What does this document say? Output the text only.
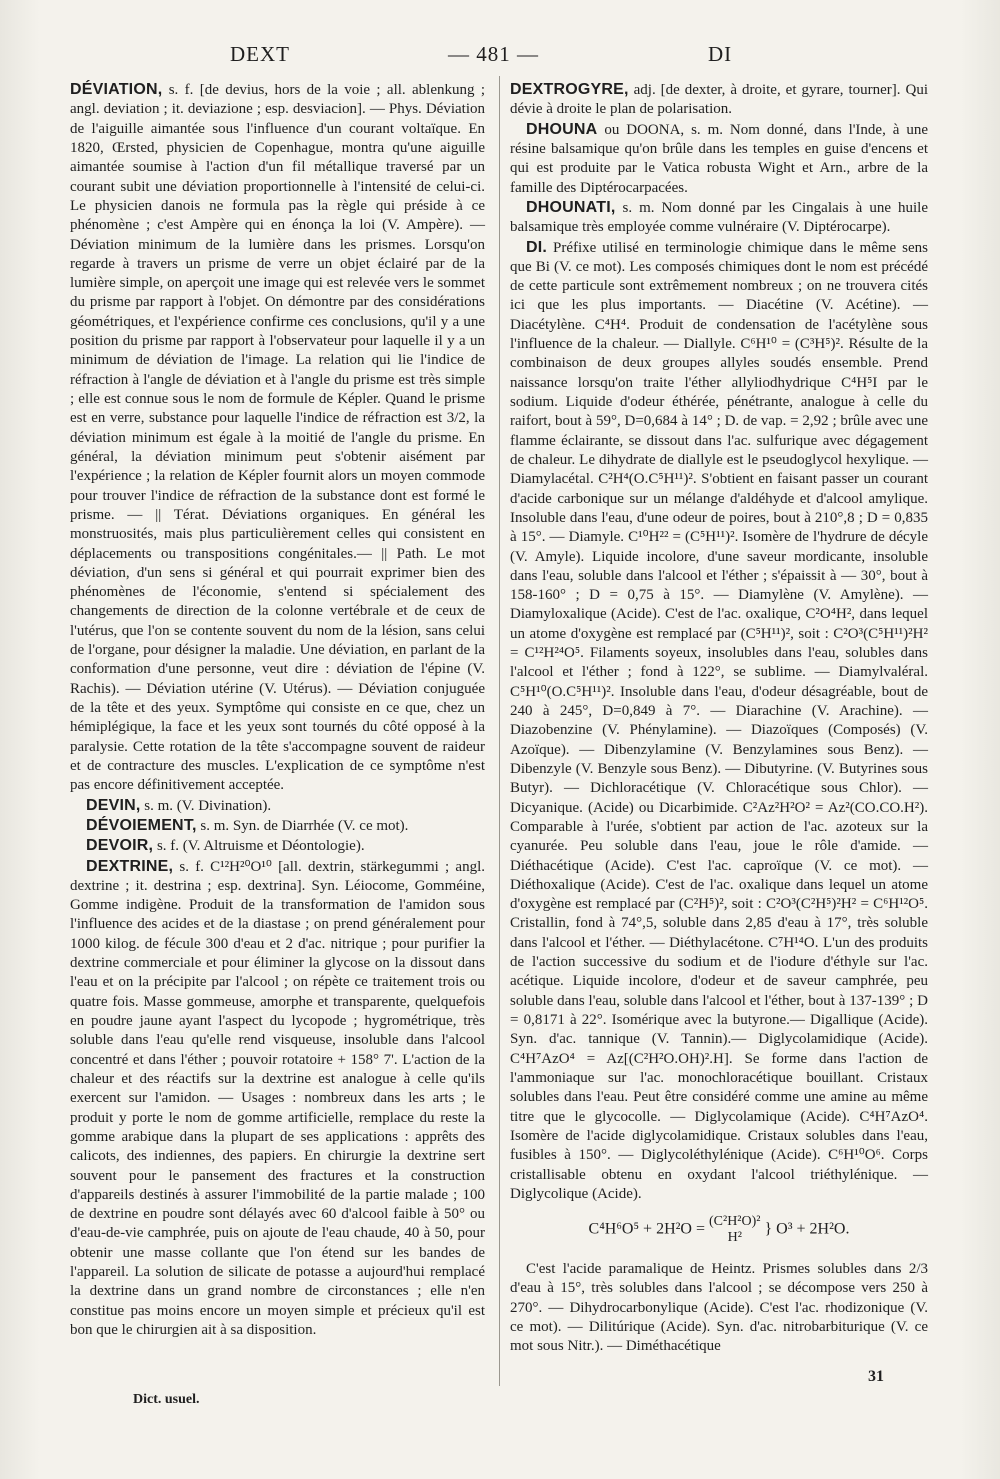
DEXT	— 481 —	DI

DÉVIATION, s. f. [de devius, hors de la voie ; all. ablenkung ; angl. deviation ; it. deviazione ; esp. desviacion]. — Phys. Déviation de l'aiguille aimantée sous l'influence d'un courant voltaïque. En 1820, Œrsted, physicien de Copenhague, montra qu'une aiguille aimantée soumise à l'action d'un fil métallique traversé par un courant subit une déviation proportionnelle à l'intensité de celui-ci. Le physicien danois ne formula pas la règle qui préside à ce phénomène ; c'est Ampère qui en énonça la loi (V. Ampère). — Déviation minimum de la lumière dans les prismes. Lorsqu'on regarde à travers un prisme de verre un objet éclairé par de la lumière simple, on aperçoit une image qui est relevée vers le sommet du prisme par rapport à l'objet. On démontre par des considérations géométriques, et l'expérience confirme ces conclusions, qu'il y a une position du prisme par rapport à l'observateur pour laquelle il y a un minimum de déviation de l'image. La relation qui lie l'indice de réfraction à l'angle de déviation et à l'angle du prisme est très simple ; elle est connue sous le nom de formule de Képler. Quand le prisme est en verre, substance pour laquelle l'indice de réfraction est 3/2, la déviation minimum est égale à la moitié de l'angle du prisme. En général, la déviation minimum peut s'obtenir aisément par l'expérience ; la relation de Képler fournit alors un moyen commode pour trouver l'indice de réfraction de la substance dont est formé le prisme. — || Térat. Déviations organiques. En général les monstruosités, mais plus particulièrement celles qui consistent en déplacements ou transpositions congénitales.— || Path. Le mot déviation, d'un sens si général et qui pourrait exprimer bien des phénomènes de l'économie, s'entend si spécialement des changements de direction de la colonne vertébrale et de ceux de l'utérus, que l'on se contente souvent du nom de la lésion, sans celui de l'organe, pour désigner la maladie. Une déviation, en parlant de la conformation d'une personne, veut dire : déviation de l'épine (V. Rachis). — Déviation utérine (V. Utérus). — Déviation conjuguée de la tête et des yeux. Symptôme qui consiste en ce que, chez un hémiplégique, la face et les yeux sont tournés du côté opposé à la paralysie. Cette rotation de la tête s'accompagne souvent de raideur et de contracture des muscles. L'explication de ce symptôme n'est pas encore définitivement acceptée.

DEVIN, s. m. (V. Divination).

DÉVOIEMENT, s. m. Syn. de Diarrhée (V. ce mot).

DEVOIR, s. f. (V. Altruisme et Déontologie).

DEXTRINE, s. f. C¹²H²⁰O¹⁰ [all. dextrin, stärkegummi ; angl. dextrine ; it. destrina ; esp. dextrina]. Syn. Léiocome, Gomméine, Gomme indigène. Produit de la transformation de l'amidon sous l'influence des acides et de la diastase ; on prend généralement pour 1000 kilog. de fécule 300 d'eau et 2 d'ac. nitrique ; pour purifier la dextrine commerciale et pour éliminer la glycose on la dissout dans l'eau et on la précipite par l'alcool ; on répète ce traitement trois ou quatre fois. Masse gommeuse, amorphe et transparente, quelquefois en poudre jaune ayant l'aspect du lycopode ; hygrométrique, très soluble dans l'eau qu'elle rend visqueuse, insoluble dans l'alcool concentré et dans l'éther ; pouvoir rotatoire + 158° 7'. L'action de la chaleur et des réactifs sur la dextrine est analogue à celle qu'ils exercent sur l'amidon. — Usages : nombreux dans les arts ; le produit y porte le nom de gomme artificielle, remplace du reste la gomme arabique dans la plupart de ses applications : apprêts des calicots, des indiennes, des papiers. En chirurgie la dextrine sert souvent pour le pansement des fractures et la construction d'appareils destinés à assurer l'immobilité de la partie malade ; 100 de dextrine en poudre sont délayés avec 60 d'alcool faible à 50° ou d'eau-de-vie camphrée, puis on ajoute de l'eau chaude, 40 à 50, pour obtenir une masse collante que l'on étend sur les bandes de l'appareil. La solution de silicate de potasse a aujourd'hui remplacé la dextrine dans un grand nombre de circonstances ; elle n'en constitue pas moins encore un moyen simple et précieux qu'il est bon que le chirurgien ait à sa disposition.

DEXTROGYRE, adj. [de dexter, à droite, et gyrare, tourner]. Qui dévie à droite le plan de polarisation.

DHOUNA ou DOONA, s. m. Nom donné, dans l'Inde, à une résine balsamique qu'on brûle dans les temples en guise d'encens et qui est produite par le Vatica robusta Wight et Arn., arbre de la famille des Diptérocarpacées.

DHOUNATI, s. m. Nom donné par les Cingalais à une huile balsamique très employée comme vulnéraire (V. Diptérocarpe).

DI. Préfixe utilisé en terminologie chimique dans le même sens que Bi (V. ce mot). Les composés chimiques dont le nom est précédé de cette particule sont extrêmement nombreux ; on ne trouvera cités ici que les plus importants. — Diacétine (V. Acétine). — Diacétylène. C⁴H⁴. Produit de condensation de l'acétylène sous l'influence de la chaleur. — Diallyle. C⁶H¹⁰ = (C³H⁵)². Résulte de la combinaison de deux groupes allyles soudés ensemble. Prend naissance lorsqu'on traite l'éther allyliodhydrique C⁴H⁵I par le sodium. Liquide d'odeur éthérée, pénétrante, analogue à celle du raifort, bout à 59°, D=0,684 à 14° ; D. de vap. = 2,92 ; brûle avec une flamme éclairante, se dissout dans l'ac. sulfurique avec dégagement de chaleur. Le dihydrate de diallyle est le pseudoglycol hexylique. — Diamylacétal. C²H⁴(O.C⁵H¹¹)². S'obtient en faisant passer un courant d'acide carbonique sur un mélange d'aldéhyde et d'alcool amylique. Insoluble dans l'eau, d'une odeur de poires, bout à 210°,8 ; D = 0,835 à 15°. — Diamyle. C¹⁰H²² = (C⁵H¹¹)². Isomère de l'hydrure de décyle (V. Amyle). Liquide incolore, d'une saveur mordicante, insoluble dans l'eau, soluble dans l'alcool et l'éther ; s'épaissit à — 30°, bout à 158-160° ; D = 0,75 à 15°. — Diamylène (V. Amylène). — Diamyloxalique (Acide). C'est de l'ac. oxalique, C²O⁴H², dans lequel un atome d'oxygène est remplacé par (C⁵H¹¹)², soit : C²O³(C⁵H¹¹)²H² = C¹²H²⁴O⁵. Filaments soyeux, insolubles dans l'eau, solubles dans l'alcool et l'éther ; fond à 122°, se sublime. — Diamylvaléral. C⁵H¹⁰(O.C⁵H¹¹)². Insoluble dans l'eau, d'odeur désagréable, bout de 240 à 245°, D=0,849 à 7°. — Diarachine (V. Arachine). — Diazobenzine (V. Phénylamine). — Diazoïques (Composés) (V. Azoïque). — Dibenzylamine (V. Benzylamines sous Benz). — Dibenzyle (V. Benzyle sous Benz). — Dibutyrine. (V. Butyrines sous Butyr). — Dichloracétique (V. Chloracétique sous Chlor). — Dicyanique. (Acide) ou Dicarbimide. C²Az²H²O² = Az²(CO.CO.H²). Comparable à l'urée, s'obtient par action de l'ac. azoteux sur la cyanurée. Peu soluble dans l'eau, joue le rôle d'amide. — Diéthacétique (Acide). C'est l'ac. caproïque (V. ce mot). — Diéthoxalique (Acide). C'est de l'ac. oxalique dans lequel un atome d'oxygène est remplacé par (C²H⁵)², soit : C²O³(C²H⁵)²H² = C⁶H¹²O⁵. Cristallin, fond à 74°,5, soluble dans 2,85 d'eau à 17°, très soluble dans l'alcool et l'éther. — Diéthylacétone. C⁷H¹⁴O. L'un des produits de l'action successive du sodium et de l'iodure d'éthyle sur l'ac. acétique. Liquide incolore, d'odeur et de saveur camphrée, peu soluble dans l'eau, soluble dans l'alcool et l'éther, bout à 137-139° ; D = 0,8171 à 22°. Isomérique avec la butyrone.— Digallique (Acide). Syn. d'ac. tannique (V. Tannin).— Diglycolamidique (Acide). C⁴H⁷AzO⁴ = Az[(C²H²O.OH)².H]. Se forme dans l'action de l'ammoniaque sur l'ac. monochloracétique bouillant. Cristaux solubles dans l'eau. Peut être considéré comme une amine au même titre que le glycocolle. — Diglycolamique (Acide). C⁴H⁷AzO⁴. Isomère de l'acide diglycolamidique. Cristaux solubles dans l'eau, fusibles à 150°. — Diglycoléthylénique (Acide). C⁶H¹⁰O⁶. Corps cristallisable obtenu en oxydant l'alcool triéthylénique. — Diglycolique (Acide).

C⁴H⁶O⁵ + 2H²O = (C²H²O)²
H² } O³ + 2H²O.

C'est l'acide paramalique de Heintz. Prismes solubles dans 2/3 d'eau à 15°, très solubles dans l'alcool ; se décompose vers 250 à 270°. — Dihydrocarbonylique (Acide). C'est l'ac. rhodizonique (V. ce mot). — Dilitúrique (Acide). Syn. d'ac. nitrobarbiturique (V. ce mot sous Nitr.). — Diméthacétique

Dict. usuel.
31
